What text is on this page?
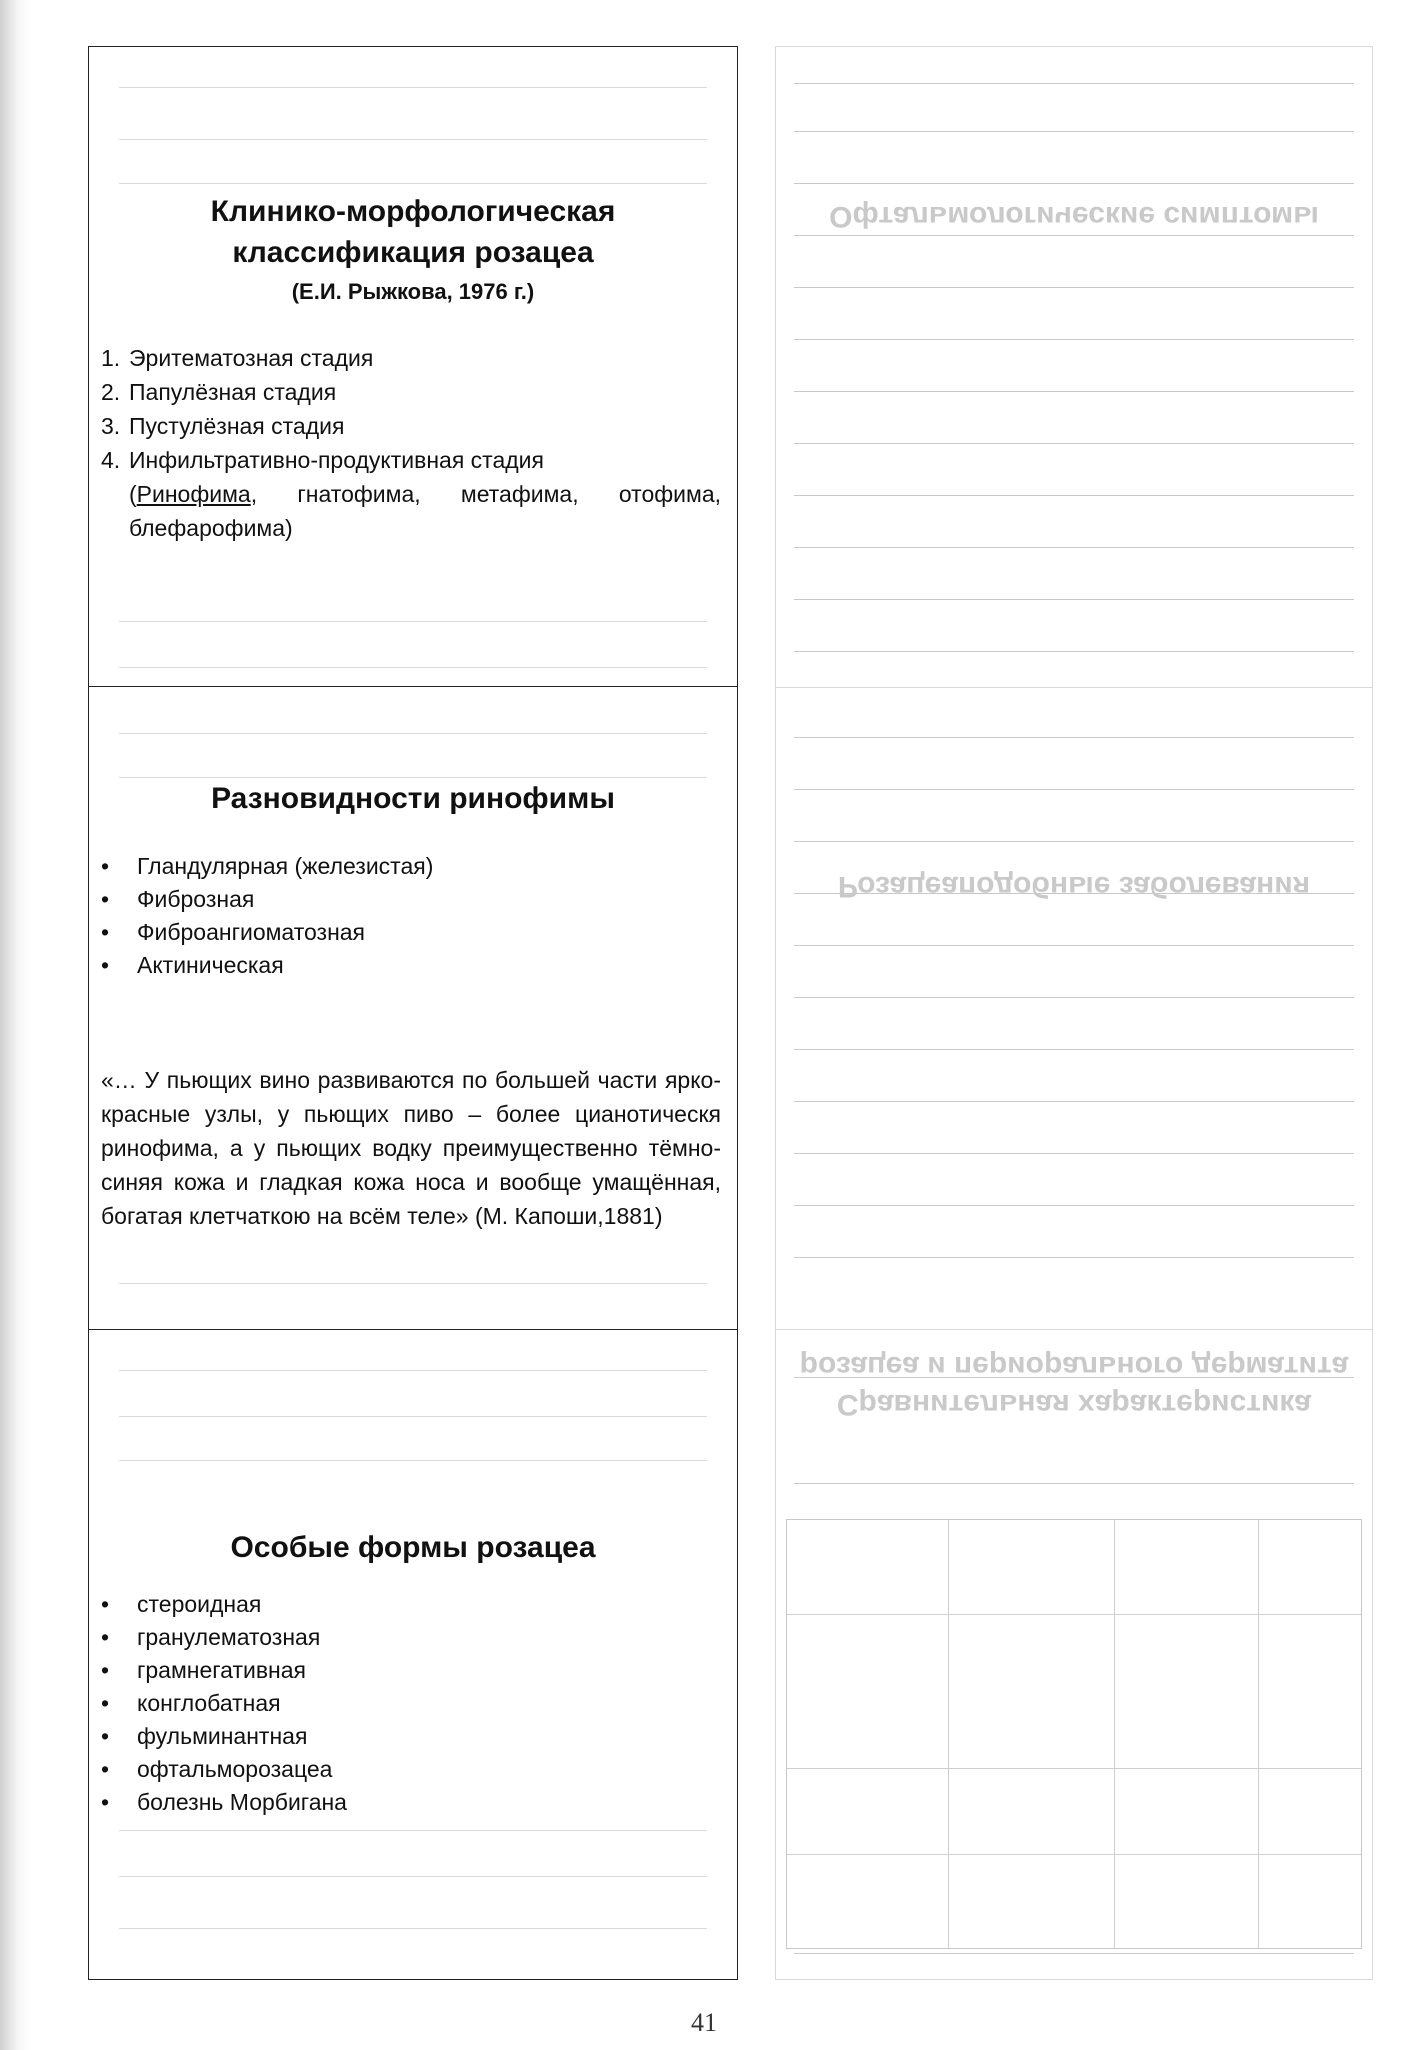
Клинико-морфологическая
классификация розацеа
(Е.И. Рыжкова, 1976 г.)
1. Эритематозная стадия
2. Папулёзная стадия
3. Пустулёзная стадия
4. Инфильтративно-продуктивная стадия
(Ринофима, гнатофима, метафима, отофима, блефарофима)
Разновидности ринофимы
•	Гландулярная (железистая)
•	Фиброзная
•	Фиброангиоматозная
•	Актиническая
«… У пьющих вино развиваются по большей части ярко-красные узлы, у пьющих пиво – более цианотическя ринофима, а у пьющих водку преимущественно тёмно-синяя кожа и гладкая кожа носа и вообще умащённая, богатая клетчаткою на всём теле» (М. Капоши,1881)
Особые формы розацеа
•	стероидная
•	гранулематозная
•	грамнегативная
•	конглобатная
•	фульминантная
•	офтальморозацеа
•	болезнь Морбигана
Офтальмологические симптомы
Розацеаподобные заболевания
Сравнительная характеристика розацеа и периорального дерматита
41
